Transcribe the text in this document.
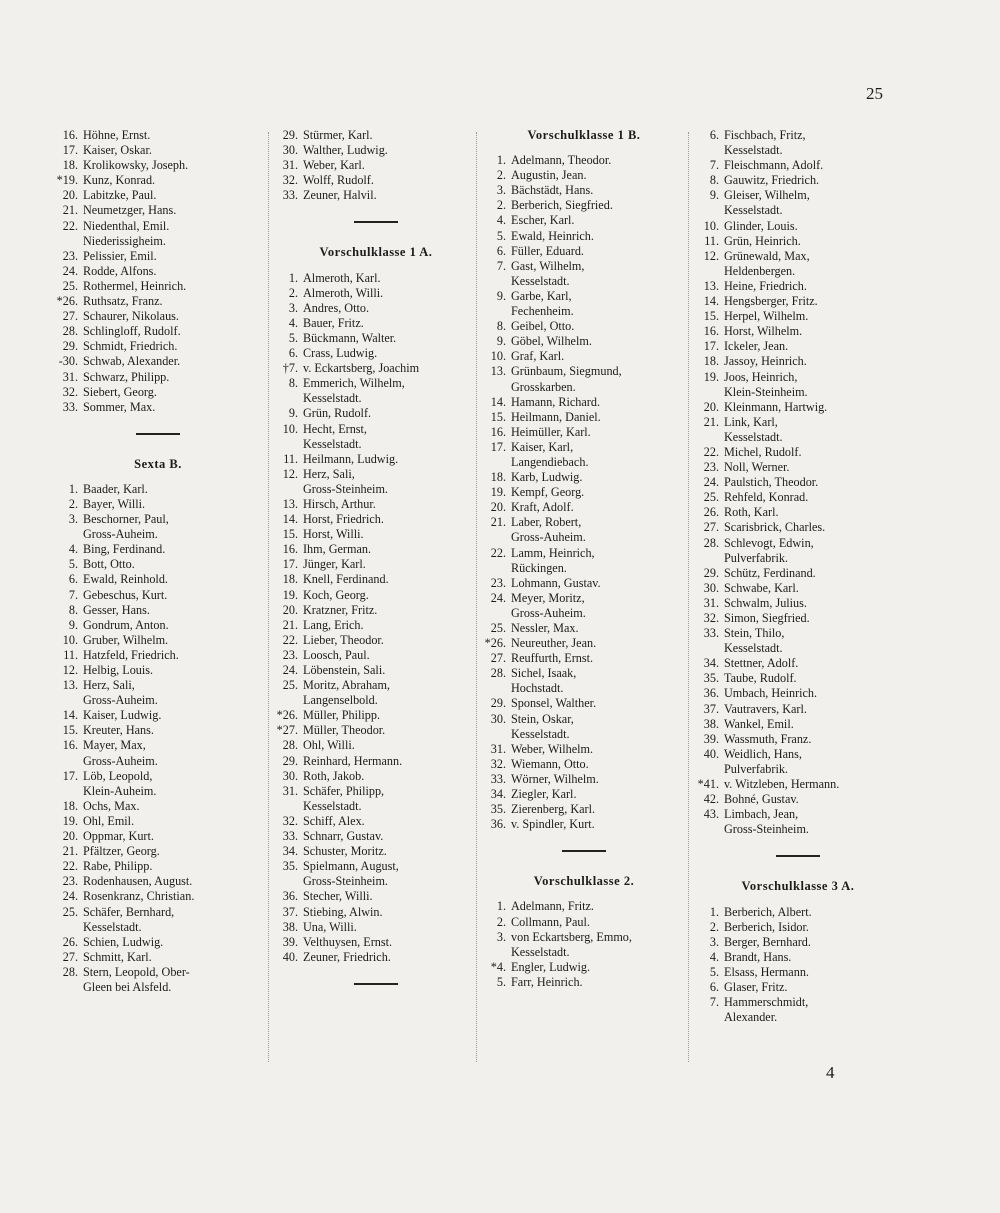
25
16. Höhne, Ernst.
17. Kaiser, Oskar.
18. Krolikowsky, Joseph.
*19. Kunz, Konrad.
20. Labitzke, Paul.
21. Neumetzger, Hans.
22. Niedenthal, Emil.
Niederissigheim.
23. Pelissier, Emil.
24. Rodde, Alfons.
25. Rothermel, Heinrich.
*26. Ruthsatz, Franz.
27. Schaurer, Nikolaus.
28. Schlingloff, Rudolf.
29. Schmidt, Friedrich.
-30. Schwab, Alexander.
31. Schwarz, Philipp.
32. Siebert, Georg.
33. Sommer, Max.
Sexta B.
1. Baader, Karl.
2. Bayer, Willi.
3. Beschorner, Paul,
Gross-Auheim.
4. Bing, Ferdinand.
5. Bott, Otto.
6. Ewald, Reinhold.
7. Gebeschus, Kurt.
8. Gesser, Hans.
9. Gondrum, Anton.
10. Gruber, Wilhelm.
11. Hatzfeld, Friedrich.
12. Helbig, Louis.
13. Herz, Sali,
Gross-Auheim.
14. Kaiser, Ludwig.
15. Kreuter, Hans.
16. Mayer, Max,
Gross-Auheim.
17. Löb, Leopold,
Klein-Auheim.
18. Ochs, Max.
19. Ohl, Emil.
20. Oppmar, Kurt.
21. Pfältzer, Georg.
22. Rabe, Philipp.
23. Rodenhausen, August.
24. Rosenkranz, Christian.
25. Schäfer, Bernhard,
Kesselstadt.
26. Schien, Ludwig.
27. Schmitt, Karl.
28. Stern, Leopold, Ober-
Gleen bei Alsfeld.
29. Stürmer, Karl.
30. Walther, Ludwig.
31. Weber, Karl.
32. Wolff, Rudolf.
33. Zeuner, Halvil.
Vorschulklasse 1 A.
1. Almeroth, Karl.
2. Almeroth, Willi.
3. Andres, Otto.
4. Bauer, Fritz.
5. Bückmann, Walter.
6. Crass, Ludwig.
†7. v. Eckartsberg, Joachim
8. Emmerich, Wilhelm,
Kesselstadt.
9. Grün, Rudolf.
10. Hecht, Ernst,
Kesselstadt.
11. Heilmann, Ludwig.
12. Herz, Sali,
Gross-Steinheim.
13. Hirsch, Arthur.
14. Horst, Friedrich.
15. Horst, Willi.
16. Ihm, German.
17. Jünger, Karl.
18. Knell, Ferdinand.
19. Koch, Georg.
20. Kratzner, Fritz.
21. Lang, Erich.
22. Lieber, Theodor.
23. Loosch, Paul.
24. Löbenstein, Sali.
25. Moritz, Abraham,
Langenselbold.
*26. Müller, Philipp.
*27. Müller, Theodor.
28. Ohl, Willi.
29. Reinhard, Hermann.
30. Roth, Jakob.
31. Schäfer, Philipp,
Kesselstadt.
32. Schiff, Alex.
33. Schnarr, Gustav.
34. Schuster, Moritz.
35. Spielmann, August,
Gross-Steinheim.
36. Stecher, Willi.
37. Stiebing, Alwin.
38. Una, Willi.
39. Velthuysen, Ernst.
40. Zeuner, Friedrich.
Vorschulklasse 1 B.
1. Adelmann, Theodor.
2. Augustin, Jean.
3. Bächstädt, Hans.
2. Berberich, Siegfried.
4. Escher, Karl.
5. Ewald, Heinrich.
6. Füller, Eduard.
7. Gast, Wilhelm,
Kesselstadt.
9. Garbe, Karl,
Fechenheim.
8. Geibel, Otto.
9. Göbel, Wilhelm.
10. Graf, Karl.
13. Grünbaum, Siegmund,
Grosskarben.
14. Hamann, Richard.
15. Heilmann, Daniel.
16. Heimüller, Karl.
17. Kaiser, Karl,
Langendiebach.
18. Karb, Ludwig.
19. Kempf, Georg.
20. Kraft, Adolf.
21. Laber, Robert,
Gross-Auheim.
22. Lamm, Heinrich,
Rückingen.
23. Lohmann, Gustav.
24. Meyer, Moritz,
Gross-Auheim.
25. Nessler, Max.
*26. Neureuther, Jean.
27. Reuffurth, Ernst.
28. Sichel, Isaak,
Hochstadt.
29. Sponsel, Walther.
30. Stein, Oskar,
Kesselstadt.
31. Weber, Wilhelm.
32. Wiemann, Otto.
33. Wörner, Wilhelm.
34. Ziegler, Karl.
35. Zierenberg, Karl.
36. v. Spindler, Kurt.
Vorschulklasse 2.
1. Adelmann, Fritz.
2. Collmann, Paul.
3. von Eckartsberg, Emmo,
Kesselstadt.
*4. Engler, Ludwig.
5. Farr, Heinrich.
6. Fischbach, Fritz,
Kesselstadt.
7. Fleischmann, Adolf.
8. Gauwitz, Friedrich.
9. Gleiser, Wilhelm,
Kesselstadt.
10. Glinder, Louis.
11. Grün, Heinrich.
12. Grünewald, Max,
Heldenbergen.
13. Heine, Friedrich.
14. Hengsberger, Fritz.
15. Herpel, Wilhelm.
16. Horst, Wilhelm.
17. Ickeler, Jean.
18. Jassoy, Heinrich.
19. Joos, Heinrich,
Klein-Steinheim.
20. Kleinmann, Hartwig.
21. Link, Karl,
Kesselstadt.
22. Michel, Rudolf.
23. Noll, Werner.
24. Paulstich, Theodor.
25. Rehfeld, Konrad.
26. Roth, Karl.
27. Scarisbrick, Charles.
28. Schlevogt, Edwin,
Pulverfabrik.
29. Schütz, Ferdinand.
30. Schwabe, Karl.
31. Schwalm, Julius.
32. Simon, Siegfried.
33. Stein, Thilo,
Kesselstadt.
34. Stettner, Adolf.
35. Taube, Rudolf.
36. Umbach, Heinrich.
37. Vautravers, Karl.
38. Wankel, Emil.
39. Wassmuth, Franz.
40. Weidlich, Hans,
Pulverfabrik.
*41. v. Witzleben, Hermann.
42. Bohné, Gustav.
43. Limbach, Jean,
Gross-Steinheim.
Vorschulklasse 3 A.
1. Berberich, Albert.
2. Berberich, Isidor.
3. Berger, Bernhard.
4. Brandt, Hans.
5. Elsass, Hermann.
6. Glaser, Fritz.
7. Hammerschmidt,
Alexander.
4
